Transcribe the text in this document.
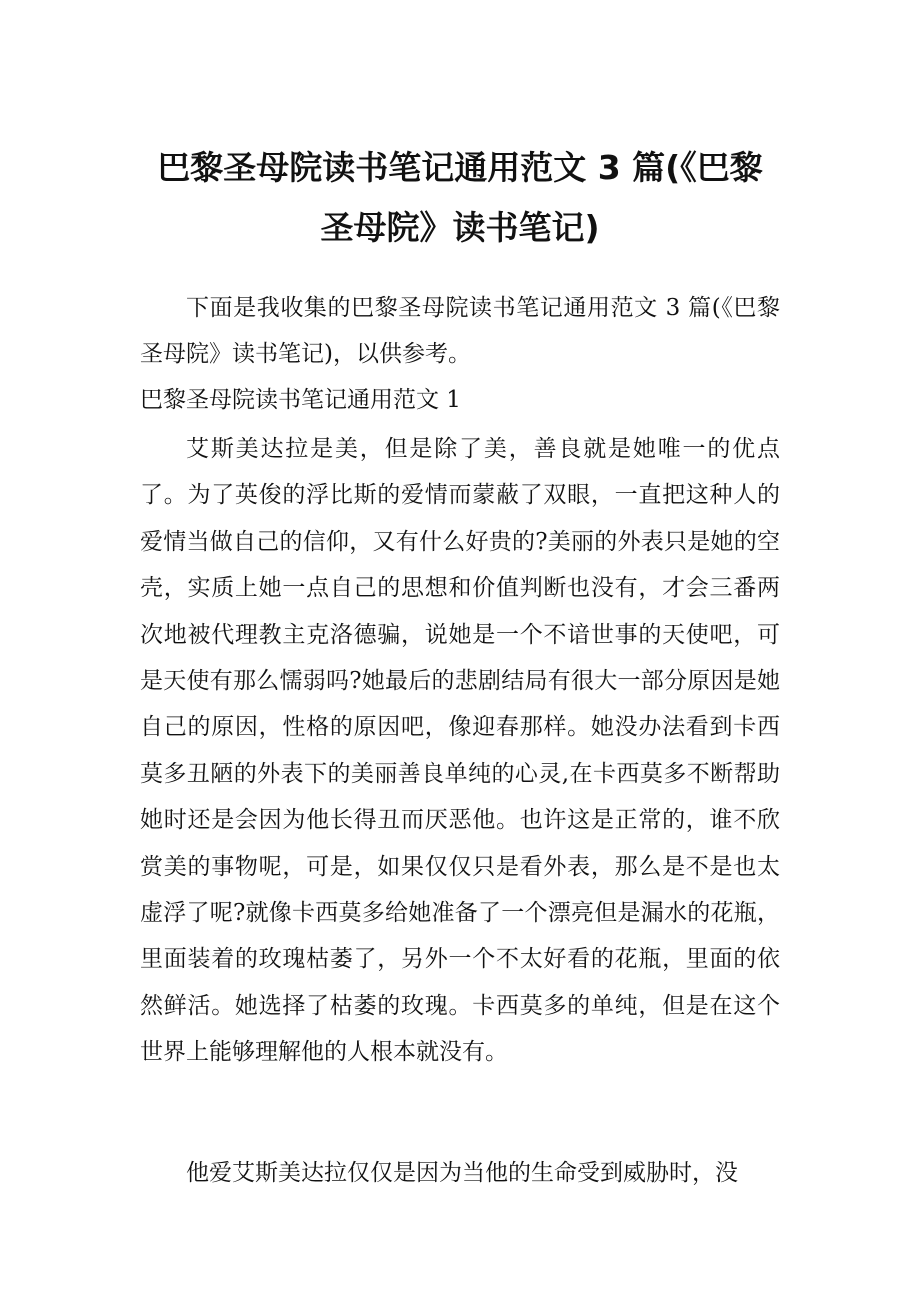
巴黎圣母院读书笔记通用范文 3 篇(《巴黎
圣母院》读书笔记)

下面是我收集的巴黎圣母院读书笔记通用范文 3 篇(《巴黎圣母院》读书笔记)，以供参考。

巴黎圣母院读书笔记通用范文 1

艾斯美达拉是美，但是除了美，善良就是她唯一的优点了。为了英俊的浮比斯的爱情而蒙蔽了双眼，一直把这种人的爱情当做自己的信仰，又有什么好贵的?美丽的外表只是她的空壳，实质上她一点自己的思想和价值判断也没有，才会三番两次地被代理教主克洛德骗，说她是一个不谙世事的天使吧，可是天使有那么懦弱吗?她最后的悲剧结局有很大一部分原因是她自己的原因，性格的原因吧，像迎春那样。她没办法看到卡西莫多丑陋的外表下的美丽善良单纯的心灵,在卡西莫多不断帮助她时还是会因为他长得丑而厌恶他。也许这是正常的，谁不欣赏美的事物呢，可是，如果仅仅只是看外表，那么是不是也太虚浮了呢?就像卡西莫多给她准备了一个漂亮但是漏水的花瓶，里面装着的玫瑰枯萎了，另外一个不太好看的花瓶，里面的依然鲜活。她选择了枯萎的玫瑰。卡西莫多的单纯，但是在这个世界上能够理解他的人根本就没有。

他爱艾斯美达拉仅仅是因为当他的生命受到威胁时，没
